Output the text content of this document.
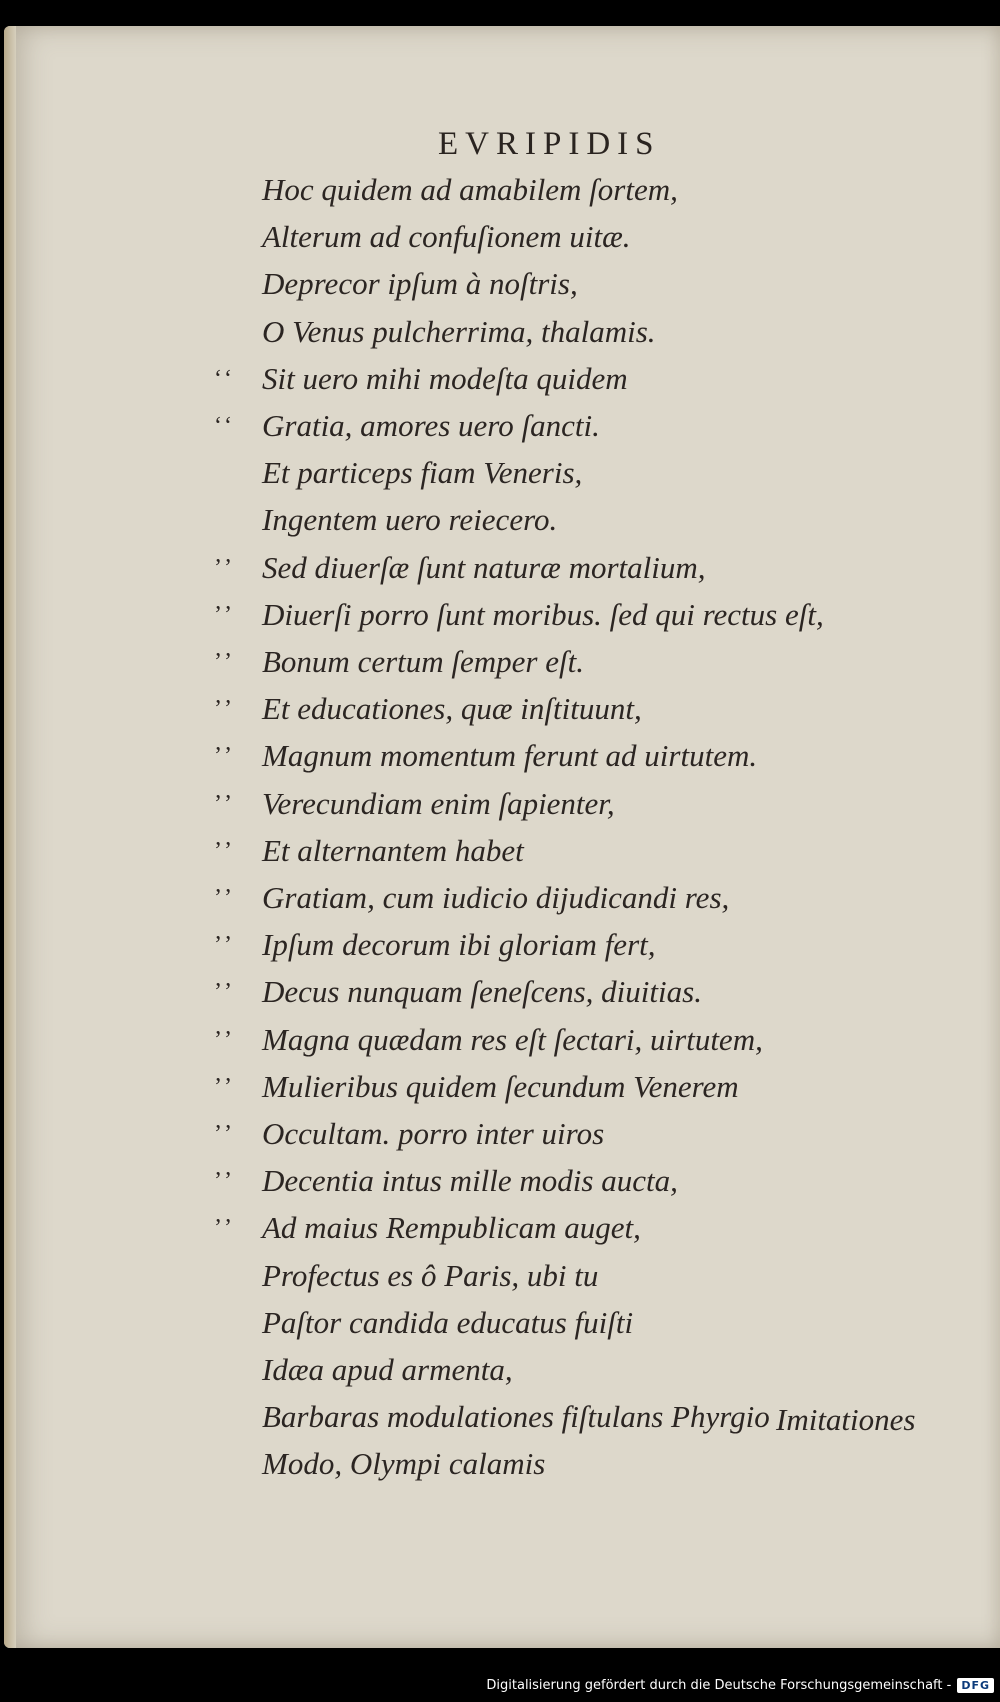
EVRIPIDIS
Hoc quidem ad amabilem ſortem,
Alterum ad confuſionem uitæ.
Deprecor ipſum à noſtris,
O Venus pulcherrima, thalamis.
ʻʻ Sit uero mihi modeſta quidem
ʻʻ Gratia, amores uero ſancti.
Et particeps fiam Veneris,
Ingentem uero reiecero.
ʼʼ Sed diuerſæ ſunt naturæ mortalium,
ʼʼ Diuerſi porro ſunt moribus. ſed qui rectus eſt,
ʼʼ Bonum certum ſemper eſt.
ʼʼ Et educationes, quæ inſtituunt,
ʼʼ Magnum momentum ferunt ad uirtutem.
ʼʼ Verecundiam enim ſapienter,
ʼʼ Et alternantem habet
ʼʼ Gratiam, cum iudicio dijudicandi res,
ʼʼ Ipſum decorum ibi gloriam fert,
ʼʼ Decus nunquam ſeneſcens, diuitias.
ʼʼ Magna quædam res eſt ſectari, uirtutem,
ʼʼ Mulieribus quidem ſecundum Venerem
ʼʼ Occultam. porro inter uiros
ʼʼ Decentia intus mille modis aucta,
ʼʼ Ad maius Rempublicam auget,
Profectus es ô Paris, ubi tu
Paſtor candida educatus fuiſti
Idæa apud armenta,
Barbaras modulationes fiſtulans Phyrgio
Modo, Olympi calamis
Imitationes
Digitalisierung gefördert durch die Deutsche Forschungsgemeinschaft - DFG
